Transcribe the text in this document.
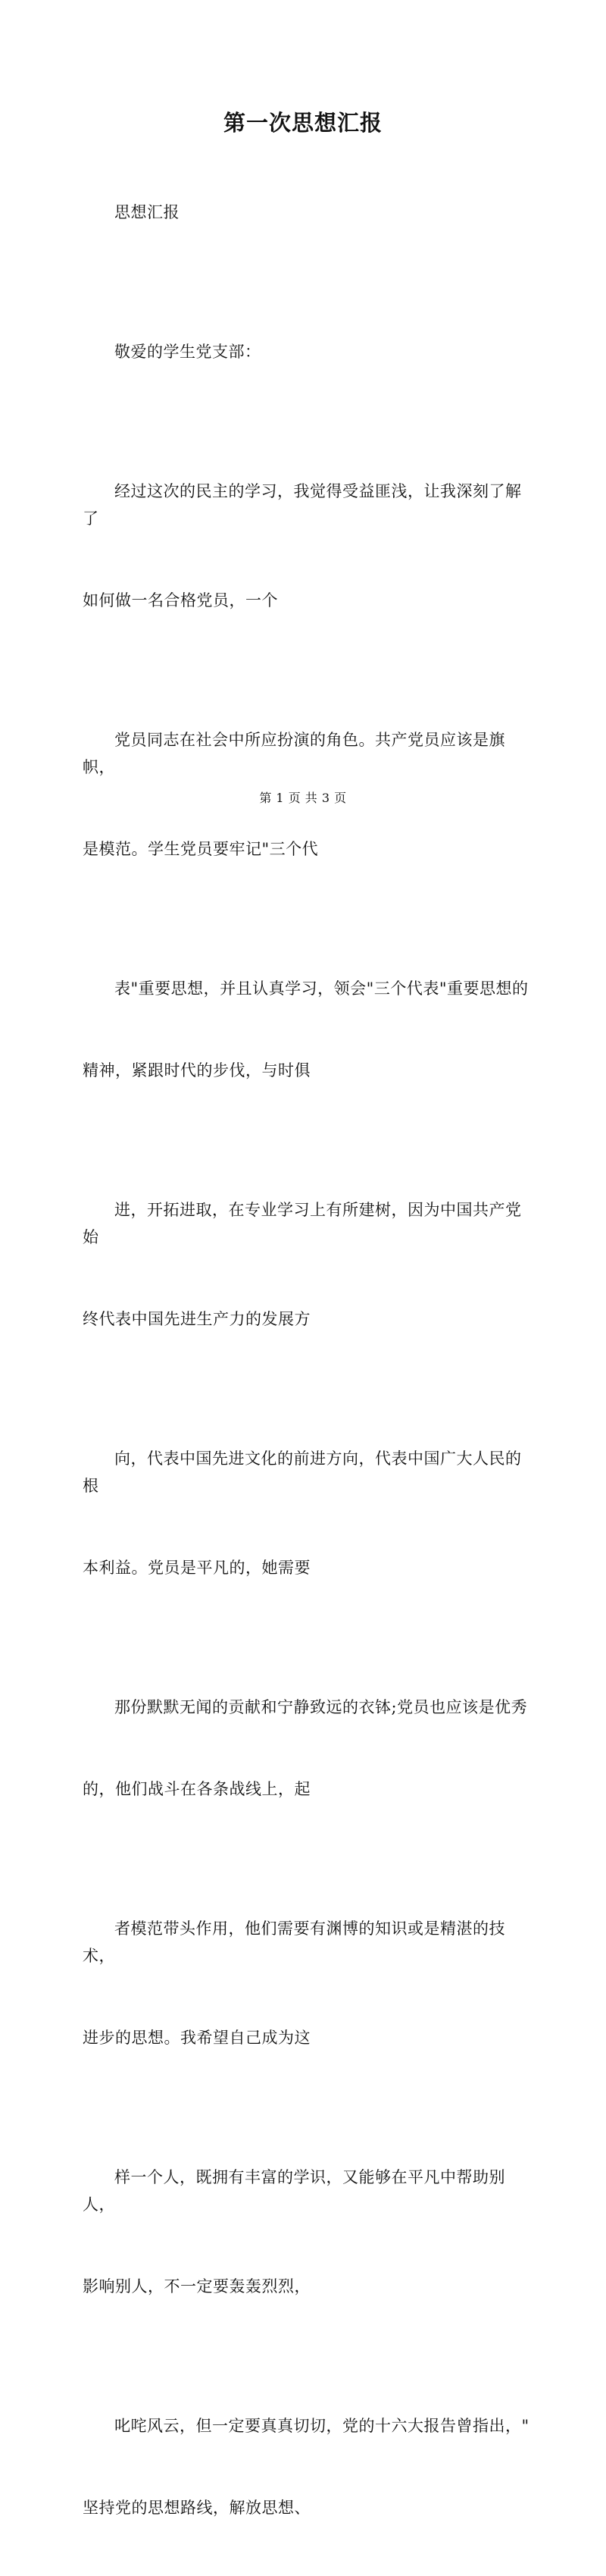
第一次思想汇报

思想汇报

敬爱的学生党支部：

经过这次的民主的学习，我觉得受益匪浅，让我深刻了解了

如何做一名合格党员，一个

党员同志在社会中所应扮演的角色。共产党员应该是旗帜，

是模范。学生党员要牢记"三个代

表"重要思想，并且认真学习，领会"三个代表"重要思想的

精神，紧跟时代的步伐，与时俱

进，开拓进取，在专业学习上有所建树，因为中国共产党始

终代表中国先进生产力的发展方

向，代表中国先进文化的前进方向，代表中国广大人民的根

本利益。党员是平凡的，她需要

那份默默无闻的贡献和宁静致远的衣钵;党员也应该是优秀

的，他们战斗在各条战线上，起

者模范带头作用，他们需要有渊博的知识或是精湛的技术，

进步的思想。我希望自己成为这

样一个人，既拥有丰富的学识，又能够在平凡中帮助别人，

影响别人，不一定要轰轰烈烈，

叱咤风云，但一定要真真切切，党的十六大报告曾指出，"

坚持党的思想路线，解放思想、

第 1 页 共 3 页
